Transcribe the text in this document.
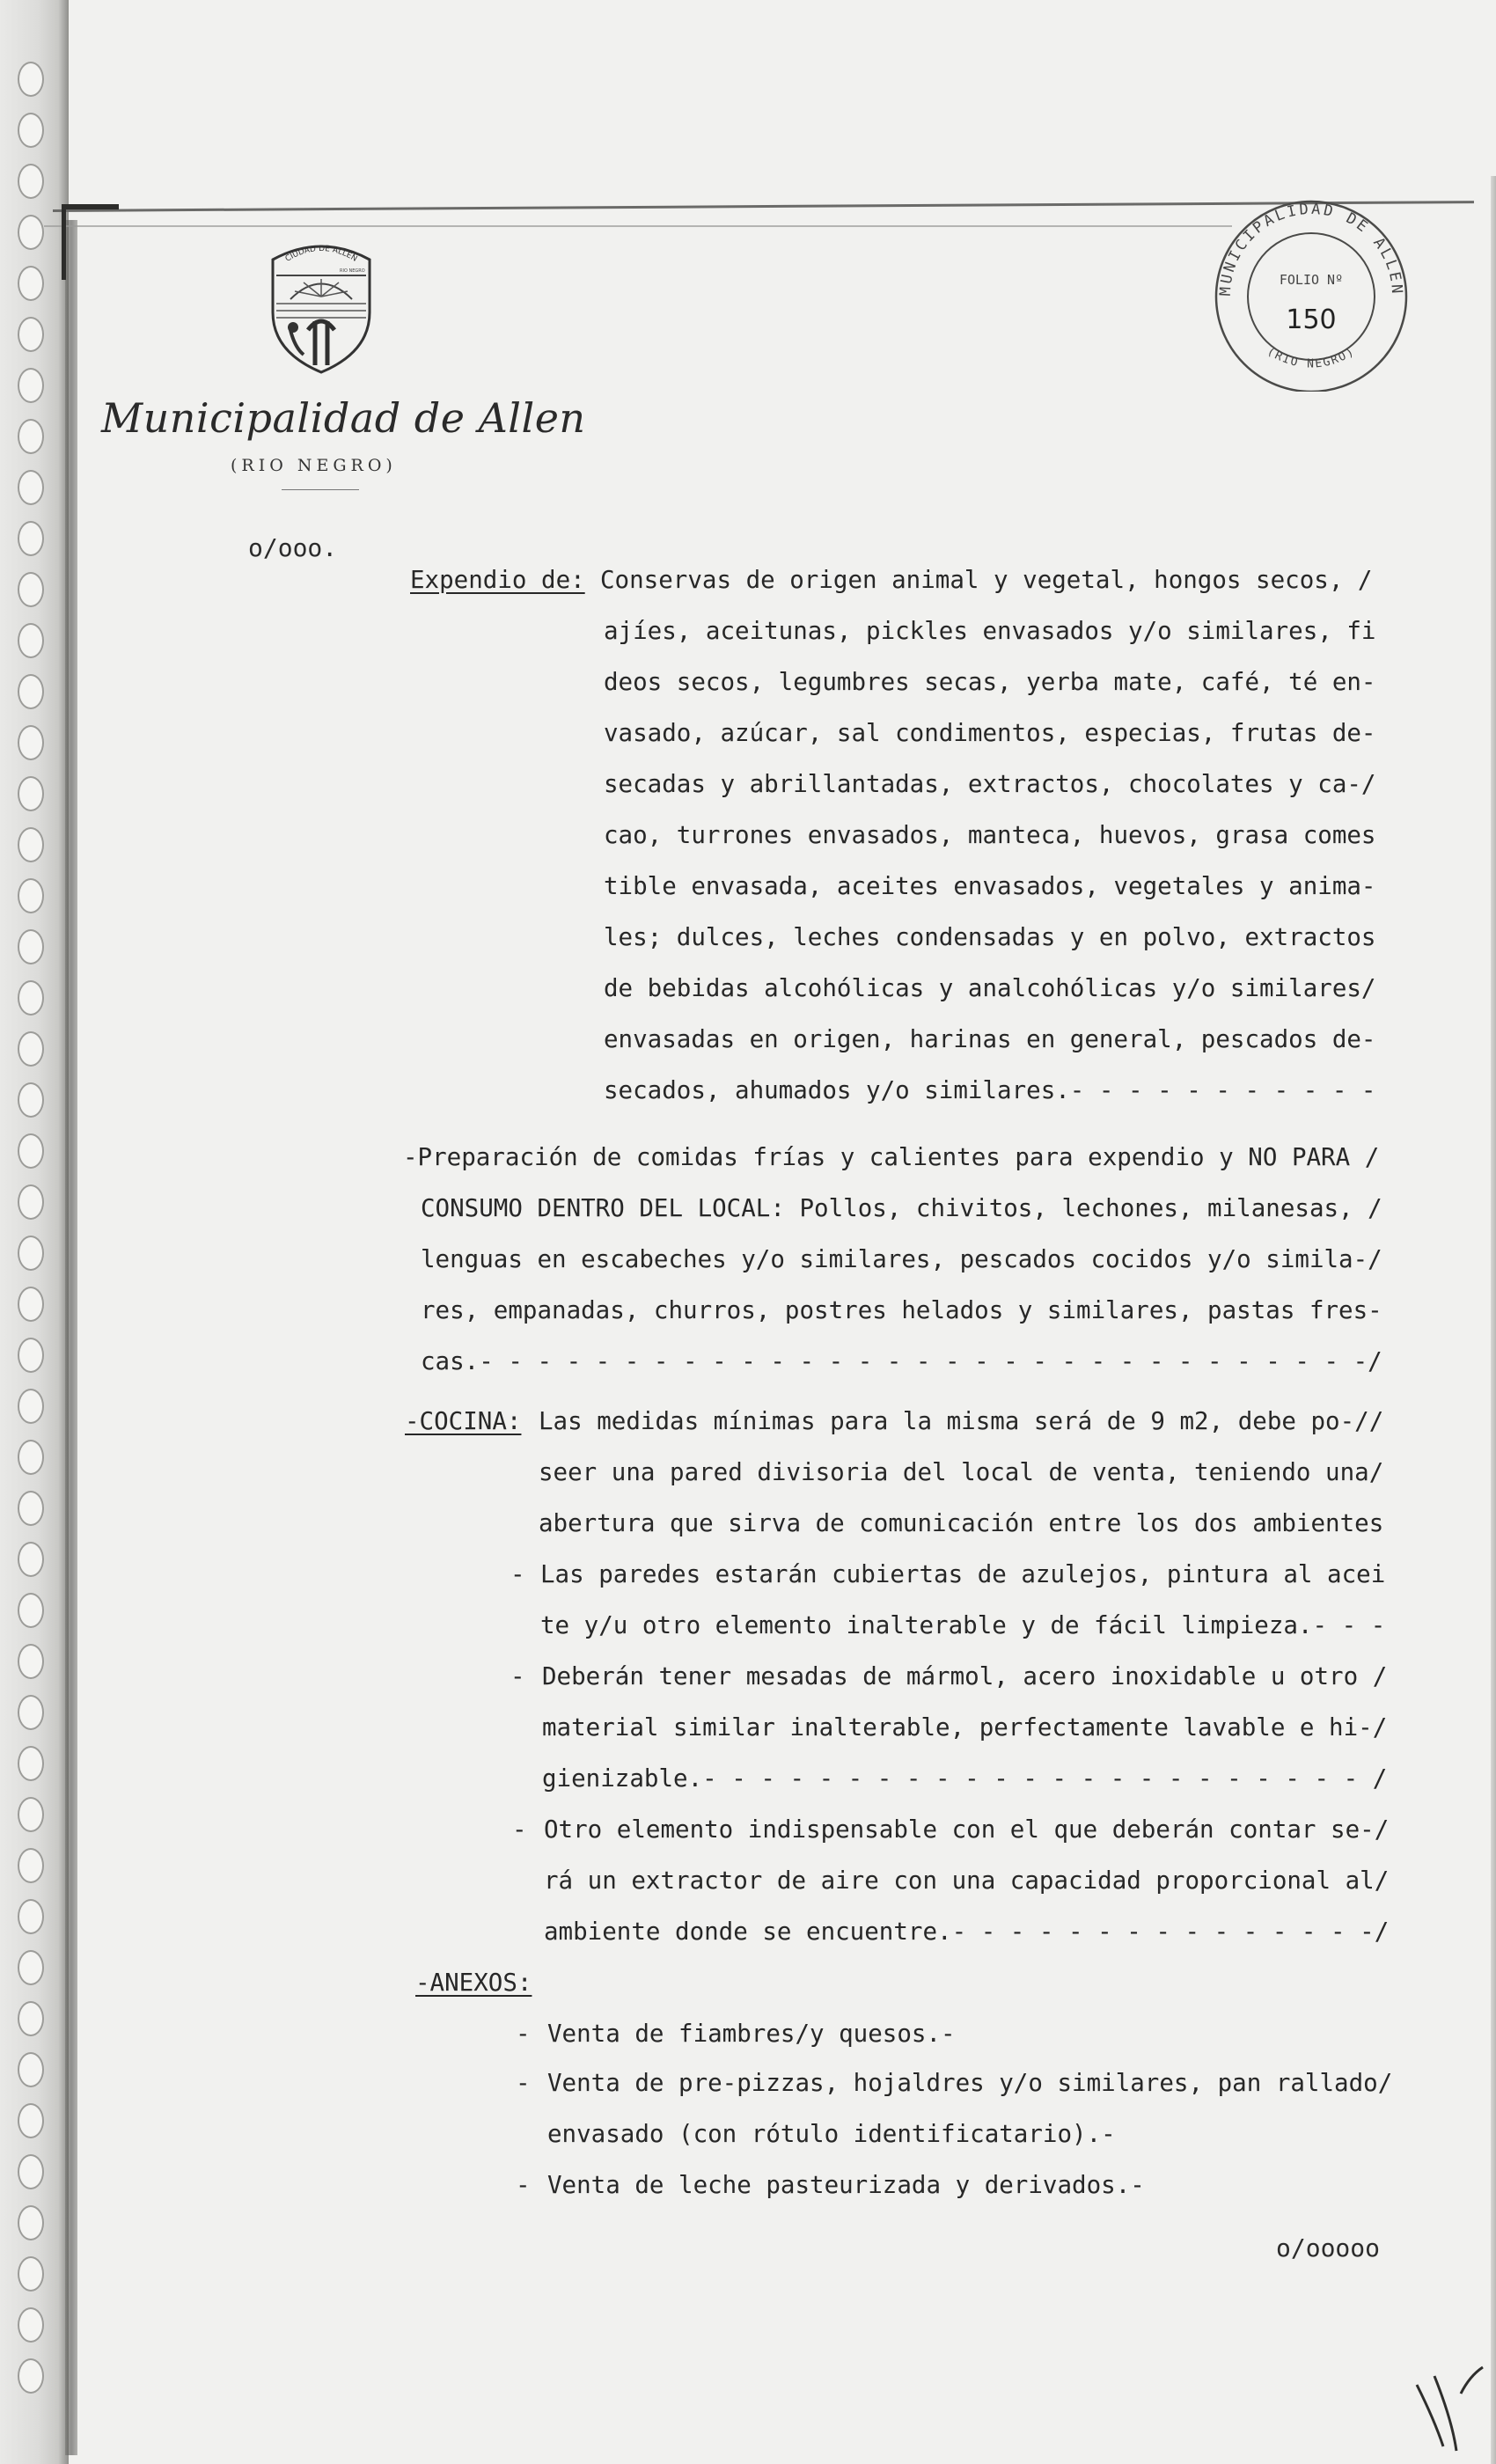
CIUDAD DE ALLEN
RIO NEGRO
Municipalidad de Allen
(RIO NEGRO)
MUNICIPALIDAD DE ALLEN
(RIO NEGRO)
FOLIO Nº
150
o/ooo.
Expendio de: Conservas de origen animal y vegetal, hongos secos, /
ajíes, aceitunas, pickles envasados y/o similares, fi
deos secos, legumbres secas, yerba mate, café, té en-
vasado, azúcar, sal condimentos, especias, frutas de-
secadas y abrillantadas, extractos, chocolates y ca-/
cao, turrones envasados, manteca, huevos, grasa comes
tible envasada, aceites envasados, vegetales y anima-
les; dulces, leches condensadas y en polvo, extractos
de bebidas alcohólicas y analcohólicas y/o similares/
envasadas en origen, harinas en general, pescados de-
secados, ahumados y/o similares.- - - - - - - - - - -
-Preparación de comidas frías y calientes para expendio y NO PARA /
CONSUMO DENTRO DEL LOCAL: Pollos, chivitos, lechones, milanesas, /
lenguas en escabeches y/o similares, pescados cocidos y/o simila-/
res, empanadas, churros, postres helados y similares, pastas fres-
cas.- - - - - - - - - - - - - - - - - - - - - - - - - - - - - - -/
-COCINA: Las medidas mínimas para la misma será de 9 m2, debe po-//
seer una pared divisoria del local de venta, teniendo una/
abertura que sirva de comunicación entre los dos ambientes
- Las paredes estarán cubiertas de azulejos, pintura al acei
te y/u otro elemento inalterable y de fácil limpieza.- - -
- Deberán tener mesadas de mármol, acero inoxidable u otro /
material similar inalterable, perfectamente lavable e hi-/
gienizable.- - - - - - - - - - - - - - - - - - - - - - - /
- Otro elemento indispensable con el que deberán contar se-/
rá un extractor de aire con una capacidad proporcional al/
ambiente donde se encuentre.- - - - - - - - - - - - - - -/
-ANEXOS:
- Venta de fiambres/y quesos.-
- Venta de pre-pizzas, hojaldres y/o similares, pan rallado/
envasado (con rótulo identificatario).-
- Venta de leche pasteurizada y derivados.-
o/ooooo
